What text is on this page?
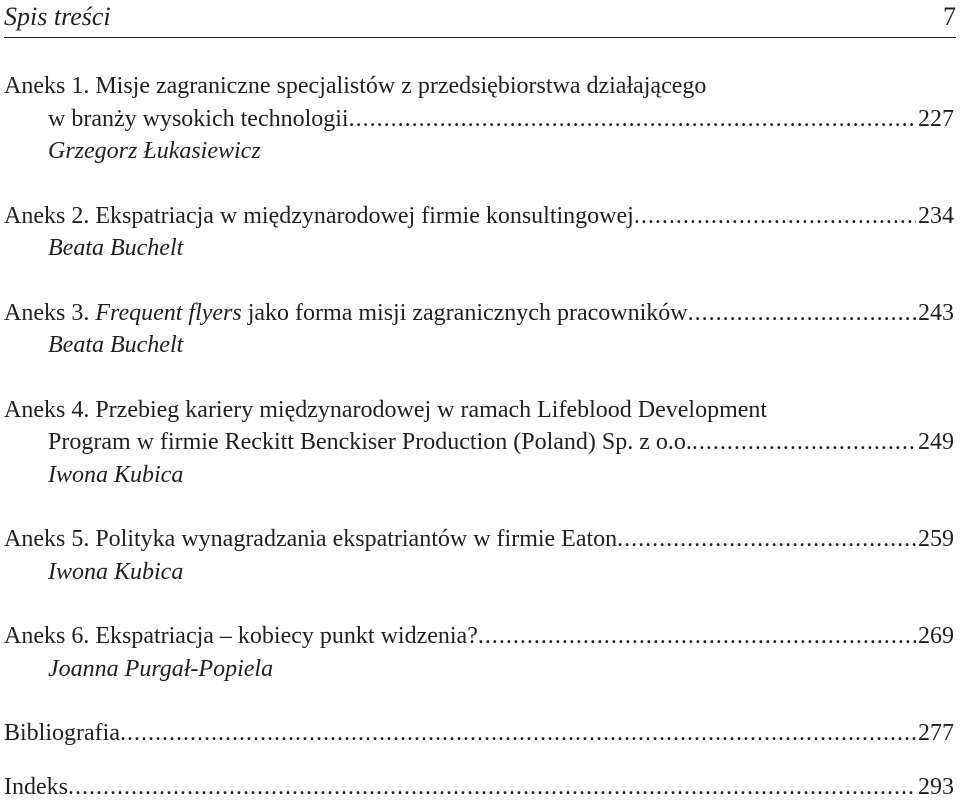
Spis treści	7
Aneks 1. Misje zagraniczne specjalistów z przedsiębiorstwa działającego
w branży wysokich technologii .....	227
Grzegorz Łukasiewicz
Aneks 2. Ekspatriacja w międzynarodowej firmie konsultingowej .....	234
Beata Buchelt
Aneks 3. Frequent flyers jako forma misji zagranicznych pracowników .....	243
Beata Buchelt
Aneks 4. Przebieg kariery międzynarodowej w ramach Lifeblood Development
Program w firmie Reckitt Benckiser Production (Poland) Sp. z o.o. .....	249
Iwona Kubica
Aneks 5. Polityka wynagradzania ekspatriantów w firmie Eaton .....	259
Iwona Kubica
Aneks 6. Ekspatriacja – kobiecy punkt widzenia? .....	269
Joanna Purgał-Popiela
Bibliografia .....	277
Indeks .....	293
